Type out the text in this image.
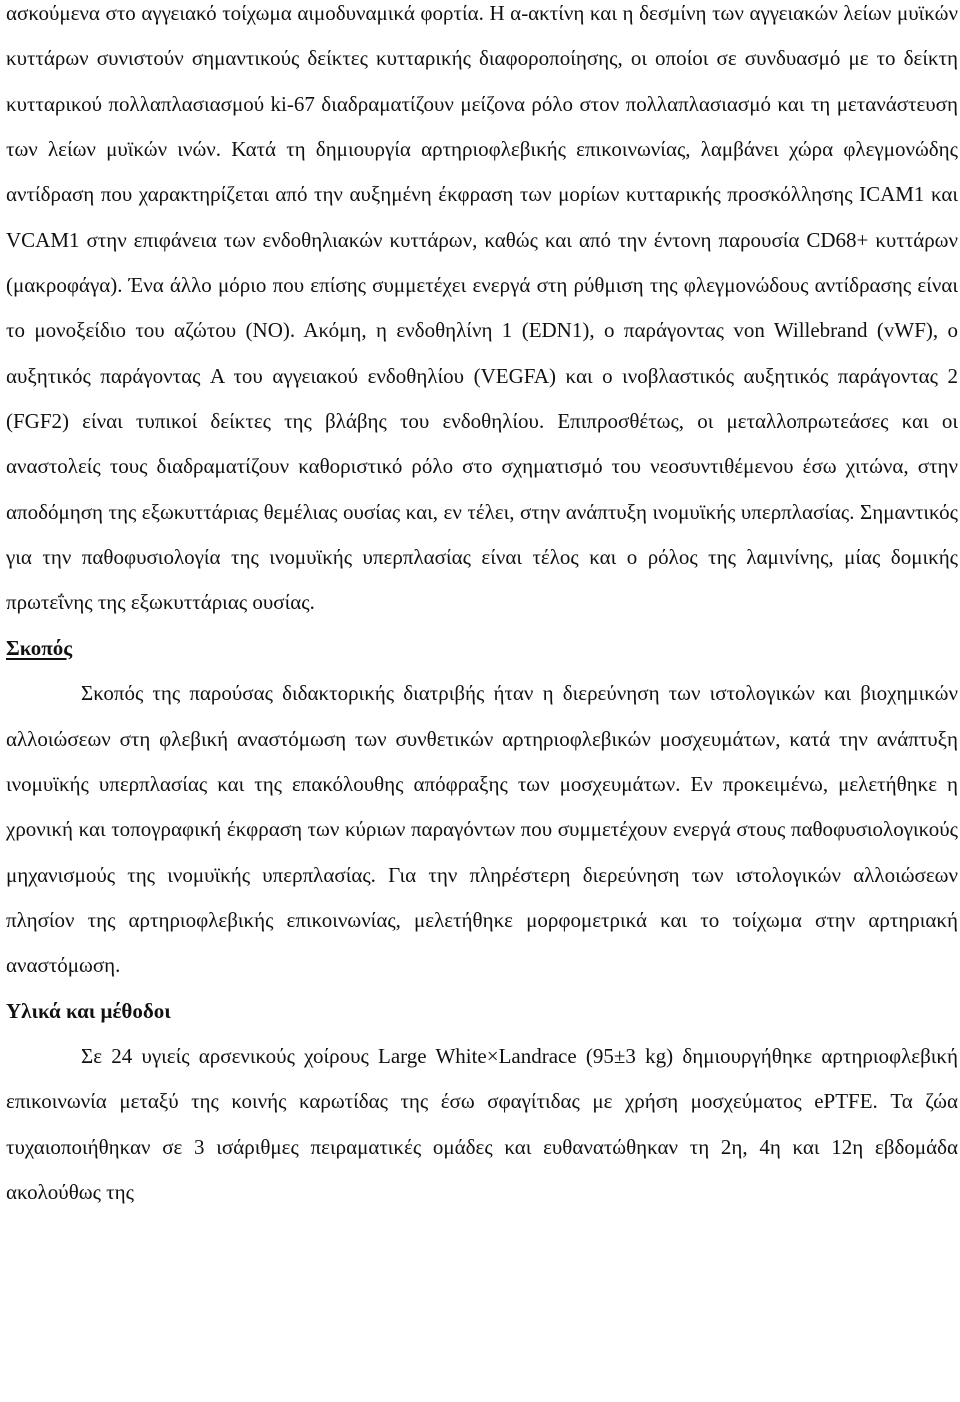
ασκούμενα στο αγγειακό τοίχωμα αιμοδυναμικά φορτία. Η α-ακτίνη και η δεσμίνη των αγγειακών λείων μυϊκών κυττάρων συνιστούν σημαντικούς δείκτες κυτταρικής διαφοροποίησης, οι οποίοι σε συνδυασμό με το δείκτη κυτταρικού πολλαπλασιασμού ki-67 διαδραματίζουν μείζονα ρόλο στον πολλαπλασιασμό και τη μετανάστευση των λείων μυϊκών ινών. Κατά τη δημιουργία αρτηριοφλεβικής επικοινωνίας, λαμβάνει χώρα φλεγμονώδης αντίδραση που χαρακτηρίζεται από την αυξημένη έκφραση των μορίων κυτταρικής προσκόλλησης ICAM1 και VCAM1 στην επιφάνεια των ενδοθηλιακών κυττάρων, καθώς και από την έντονη παρουσία CD68+ κυττάρων (μακροφάγα). Ένα άλλο μόριο που επίσης συμμετέχει ενεργά στη ρύθμιση της φλεγμονώδους αντίδρασης είναι το μονοξείδιο του αζώτου (NO). Ακόμη, η ενδοθηλίνη 1 (EDN1), ο παράγοντας von Willebrand (vWF), ο αυξητικός παράγοντας A του αγγειακού ενδοθηλίου (VEGFA) και ο ινοβλαστικός αυξητικός παράγοντας 2 (FGF2) είναι τυπικοί δείκτες της βλάβης του ενδοθηλίου. Επιπροσθέτως, οι μεταλλοπρωτεάσες και οι αναστολείς τους διαδραματίζουν καθοριστικό ρόλο στο σχηματισμό του νεοσυντιθέμενου έσω χιτώνα, στην αποδόμηση της εξωκυττάριας θεμέλιας ουσίας και, εν τέλει, στην ανάπτυξη ινομυϊκής υπερπλασίας. Σημαντικός για την παθοφυσιολογία της ινομυϊκής υπερπλασίας είναι τέλος και ο ρόλος της λαμινίνης, μίας δομικής πρωτεΐνης της εξωκυττάριας ουσίας.

Σκοπός

Σκοπός της παρούσας διδακτορικής διατριβής ήταν η διερεύνηση των ιστολογικών και βιοχημικών αλλοιώσεων στη φλεβική αναστόμωση των συνθετικών αρτηριοφλεβικών μοσχευμάτων, κατά την ανάπτυξη ινομυϊκής υπερπλασίας και της επακόλουθης απόφραξης των μοσχευμάτων. Εν προκειμένω, μελετήθηκε η χρονική και τοπογραφική έκφραση των κύριων παραγόντων που συμμετέχουν ενεργά στους παθοφυσιολογικούς μηχανισμούς της ινομυϊκής υπερπλασίας. Για την πληρέστερη διερεύνηση των ιστολογικών αλλοιώσεων πλησίον της αρτηριοφλεβικής επικοινωνίας, μελετήθηκε μορφομετρικά και το τοίχωμα στην αρτηριακή αναστόμωση.

Υλικά και μέθοδοι

Σε 24 υγιείς αρσενικούς χοίρους Large White×Landrace (95±3 kg) δημιουργήθηκε αρτηριοφλεβική επικοινωνία μεταξύ της κοινής καρωτίδας της έσω σφαγίτιδας με χρήση μοσχεύματος ePTFE. Τα ζώα τυχαιοποιήθηκαν σε 3 ισάριθμες πειραματικές ομάδες και ευθανατώθηκαν τη 2η, 4η και 12η εβδομάδα ακολούθως της
